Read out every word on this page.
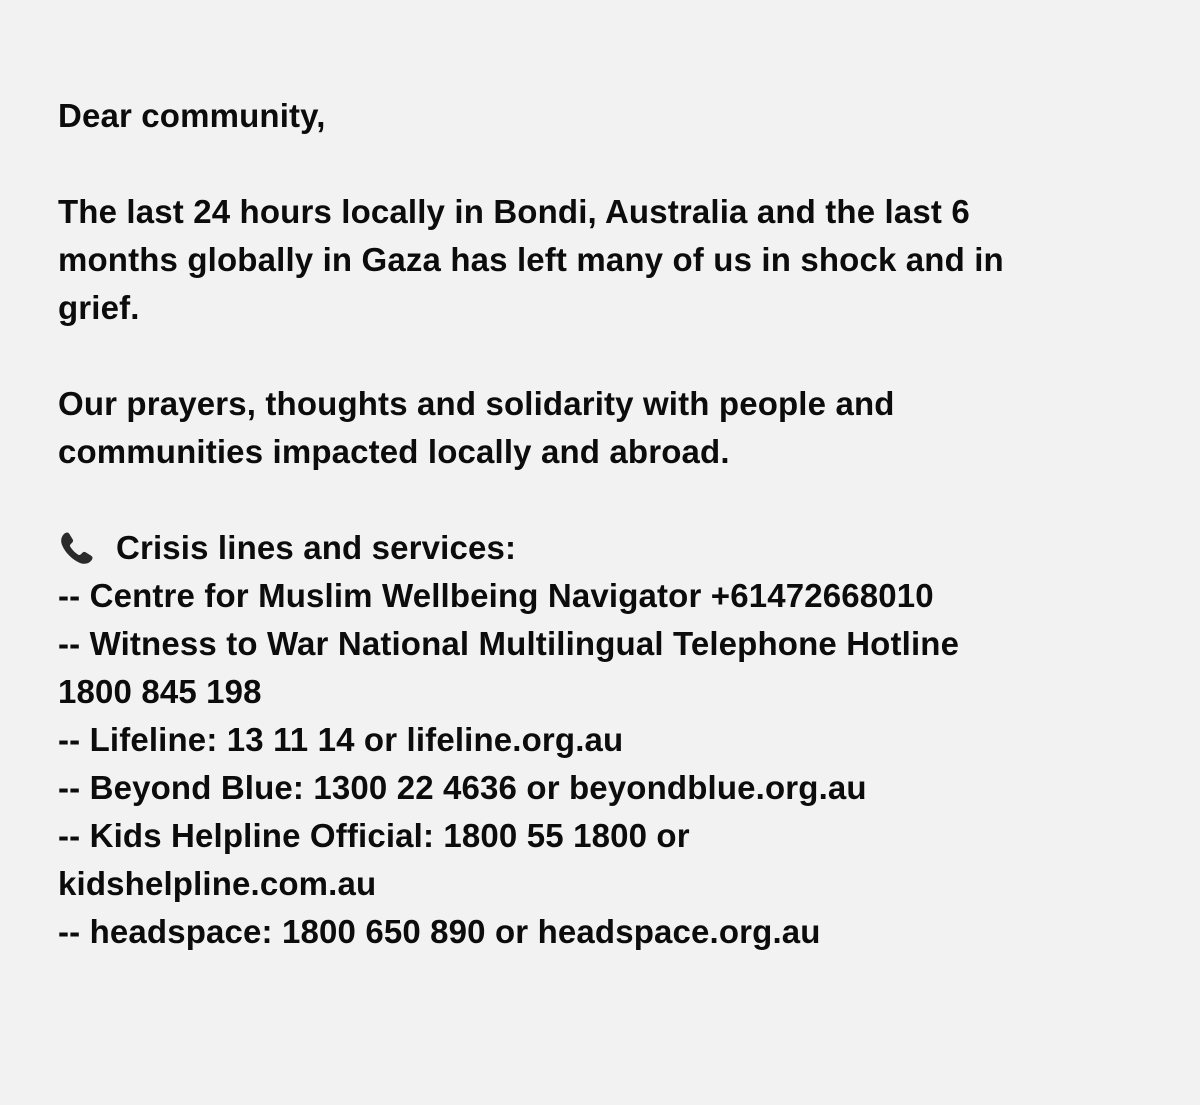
Dear community,

The last 24 hours locally in Bondi, Australia and the last 6
months globally in Gaza has left many of us in shock and in
grief.

Our prayers, thoughts and solidarity with people and
communities impacted locally and abroad.

Crisis lines and services:
-- Centre for Muslim Wellbeing Navigator +61472668010
-- Witness to War National Multilingual Telephone Hotline
1800 845 198
-- Lifeline: 13 11 14 or lifeline.org.au
-- Beyond Blue: 1300 22 4636 or beyondblue.org.au
-- Kids Helpline Official: 1800 55 1800 or
kidshelpline.com.au
-- headspace: 1800 650 890 or headspace.org.au
